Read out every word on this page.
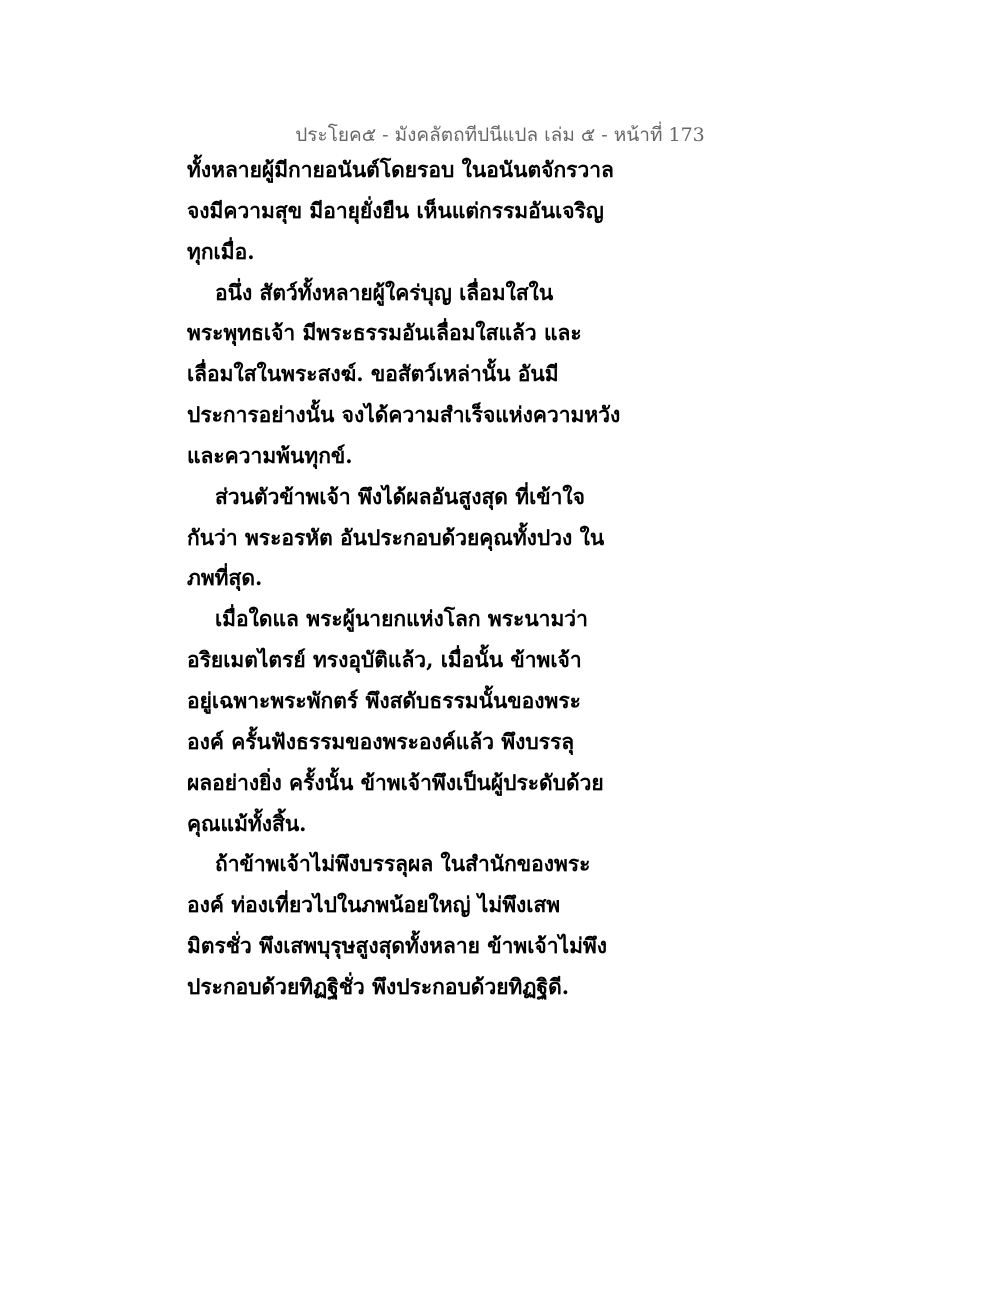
ประโยค๕ - มังคลัตถทีปนีแปล เล่ม ๕ - หน้าที่ 173
ทั้งหลายผู้มีกายอนันต์โดยรอบ ในอนันตจักรวาล
จงมีความสุข มีอายุยั่งยืน เห็นแต่กรรมอันเจริญ
ทุกเมื่อ.
อนึ่ง สัตว์ทั้งหลายผู้ใคร่บุญ เลื่อมใสใน
พระพุทธเจ้า มีพระธรรมอันเลื่อมใสแล้ว และ
เลื่อมใสในพระสงฆ์. ขอสัตว์เหล่านั้น อันมี
ประการอย่างนั้น จงได้ความสำเร็จแห่งความหวัง
และความพ้นทุกข์.
ส่วนตัวข้าพเจ้า พึงได้ผลอันสูงสุด ที่เข้าใจ
กันว่า พระอรหัต อันประกอบด้วยคุณทั้งปวง ใน
ภพที่สุด.
เมื่อใดแล พระผู้นายกแห่งโลก พระนามว่า
อริยเมตไตรย์ ทรงอุบัติแล้ว, เมื่อนั้น ข้าพเจ้า
อยู่เฉพาะพระพักตร์ พึงสดับธรรมนั้นของพระ
องค์ ครั้นฟังธรรมของพระองค์แล้ว พึงบรรลุ
ผลอย่างยิ่ง ครั้งนั้น ข้าพเจ้าพึงเป็นผู้ประดับด้วย
คุณแม้ทั้งสิ้น.
ถ้าข้าพเจ้าไม่พึงบรรลุผล ในสำนักของพระ
องค์ ท่องเที่ยวไปในภพน้อยใหญ่ ไม่พึงเสพ
มิตรชั่ว พึงเสพบุรุษสูงสุดทั้งหลาย ข้าพเจ้าไม่พึง
ประกอบด้วยทิฏฐิชั่ว พึงประกอบด้วยทิฏฐิดี.
